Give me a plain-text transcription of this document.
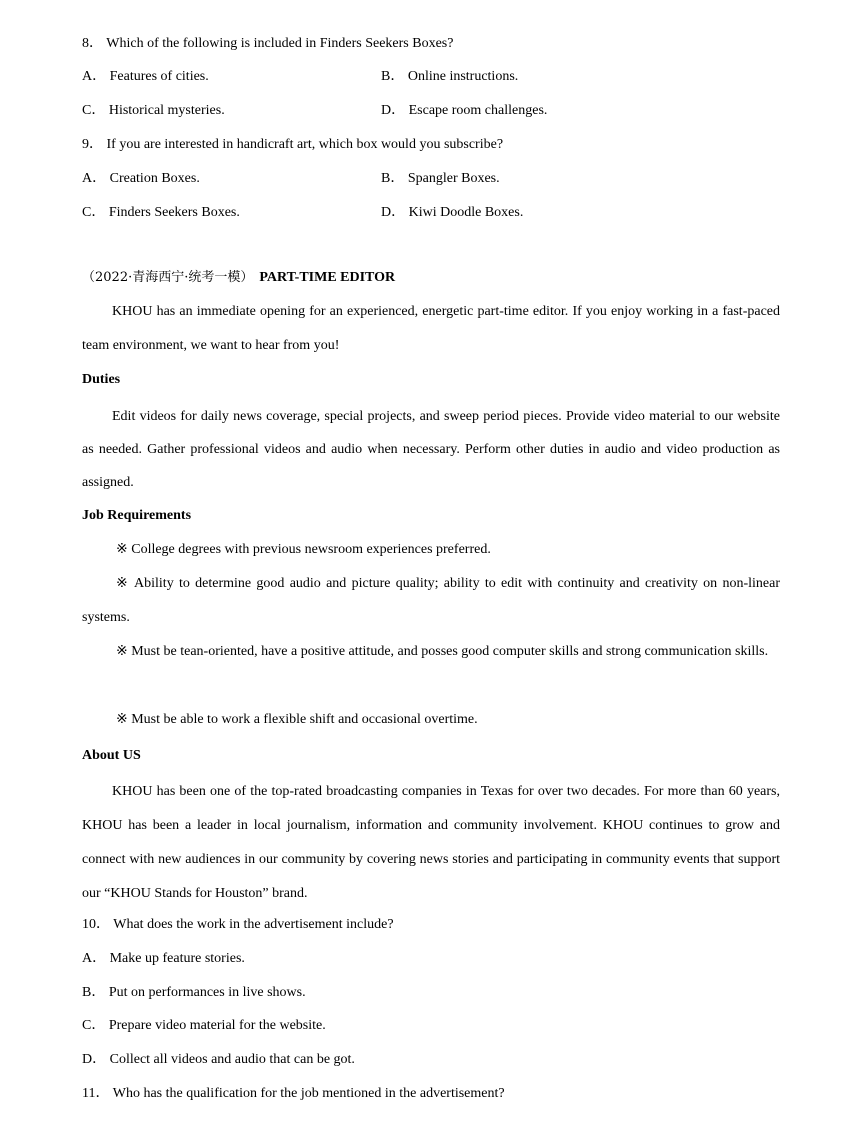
8． Which of the following is included in Finders Seekers Boxes?
A． Features of cities.	B． Online instructions.
C． Historical mysteries.	D． Escape room challenges.
9． If you are interested in handicraft art, which box would you subscribe?
A． Creation Boxes.	B． Spangler Boxes.
C． Finders Seekers Boxes.	D． Kiwi Doodle Boxes.
（2022·青海西宁·统考一模） PART-TIME EDITOR
KHOU has an immediate opening for an experienced, energetic part-time editor. If you enjoy working in a fast-paced team environment, we want to hear from you!
Duties
Edit videos for daily news coverage, special projects, and sweep period pieces. Provide video material to our website as needed. Gather professional videos and audio when necessary. Perform other duties in audio and video production as assigned.
Job Requirements
※ College degrees with previous newsroom experiences preferred.
※ Ability to determine good audio and picture quality; ability to edit with continuity and creativity on non-linear systems.
※ Must be tean-oriented, have a positive attitude, and posses good computer skills and strong communication skills.
※ Must be able to work a flexible shift and occasional overtime.
About US
KHOU has been one of the top-rated broadcasting companies in Texas for over two decades. For more than 60 years, KHOU has been a leader in local journalism, information and community involvement. KHOU continues to grow and connect with new audiences in our community by covering news stories and participating in community events that support our “KHOU Stands for Houston” brand.
10． What does the work in the advertisement include?
A． Make up feature stories.
B． Put on performances in live shows.
C． Prepare video material for the website.
D． Collect all videos and audio that can be got.
11． Who has the qualification for the job mentioned in the advertisement?
